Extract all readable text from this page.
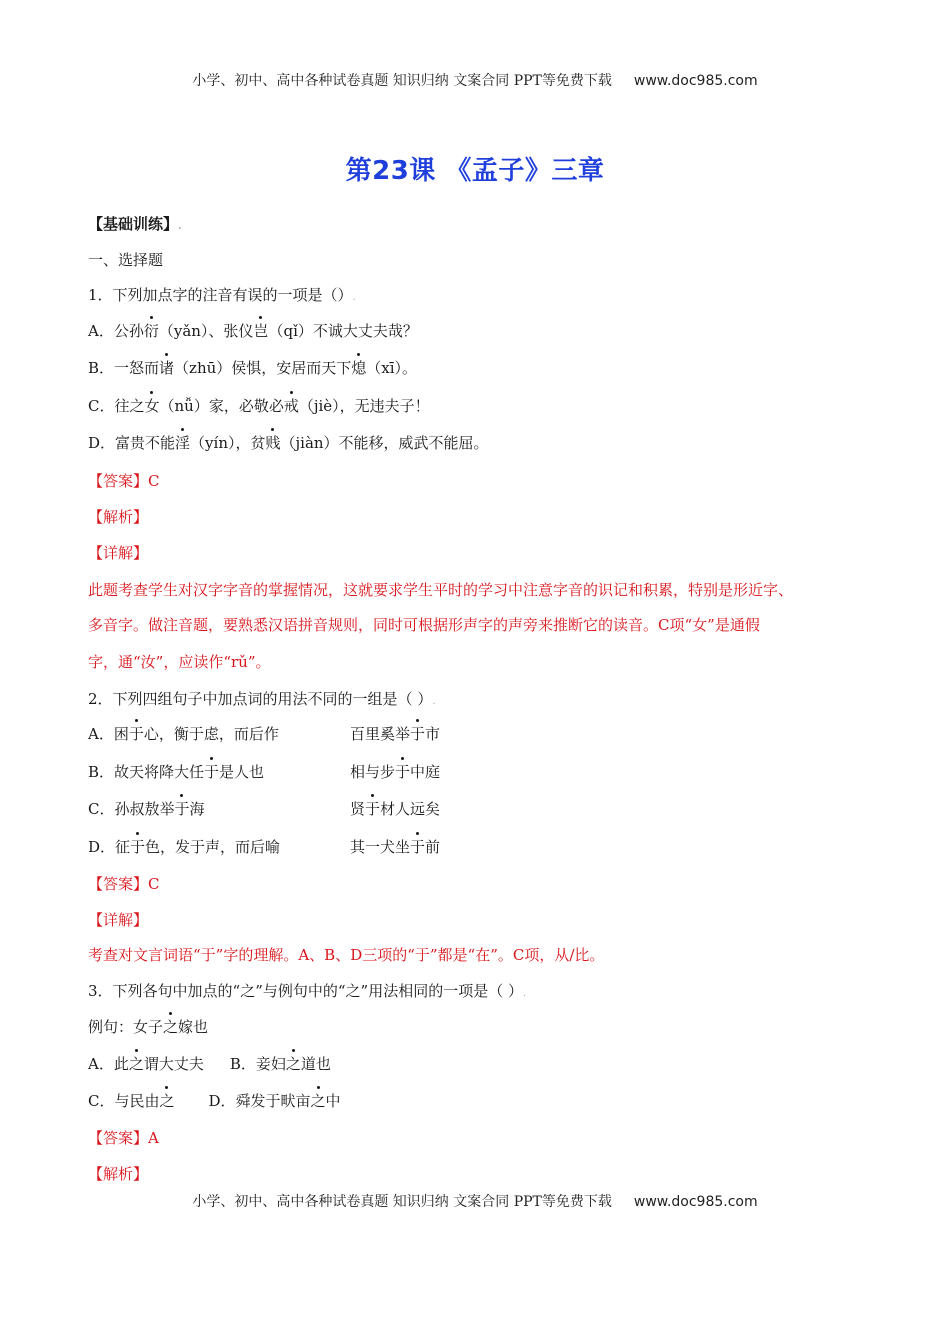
小学、初中、高中各种试卷真题 知识归纳 文案合同 PPT等免费下载 www.doc985.com
第23课 《孟子》三章
【基础训练】.
一、选择题
1．下列加点字的注音有误的一项是（）.
A．公孙衍（yǎn）、张仪岂（qǐ）不诚大丈夫哉？
B．一怒而诸（zhū）侯惧，安居而天下熄（xī）。
C．往之女（nǚ）家，必敬必戒（jiè），无违夫子！
D．富贵不能淫（yín），贫贱（jiàn）不能移，威武不能屈。
【答案】C
【解析】
【详解】
此题考查学生对汉字字音的掌握情况，这就要求学生平时的学习中注意字音的识记和积累，特别是形近字、
多音字。做注音题，要熟悉汉语拼音规则，同时可根据形声字的声旁来推断它的读音。C项“女”是通假
字，通“汝”，应读作“rǔ”。
2．下列四组句子中加点词的用法不同的一组是（ ）.
A．困于心，衡于虑，而后作	百里奚举于市
B．故天将降大任于是人也	相与步于中庭
C．孙叔敖举于海	贤于材人远矣
D．征于色，发于声，而后喻	其一犬坐于前
【答案】C
【详解】
考查对文言词语“于”字的理解。A、B、D三项的“于”都是“在”。C项，从/比。
3．下列各句中加点的“之”与例句中的“之”用法相同的一项是（ ）.
例句：女子之嫁也
A．此之谓大丈夫 B．妾妇之道也
C．与民由之 D．舜发于畎亩之中
【答案】A
【解析】
小学、初中、高中各种试卷真题 知识归纳 文案合同 PPT等免费下载 www.doc985.com
